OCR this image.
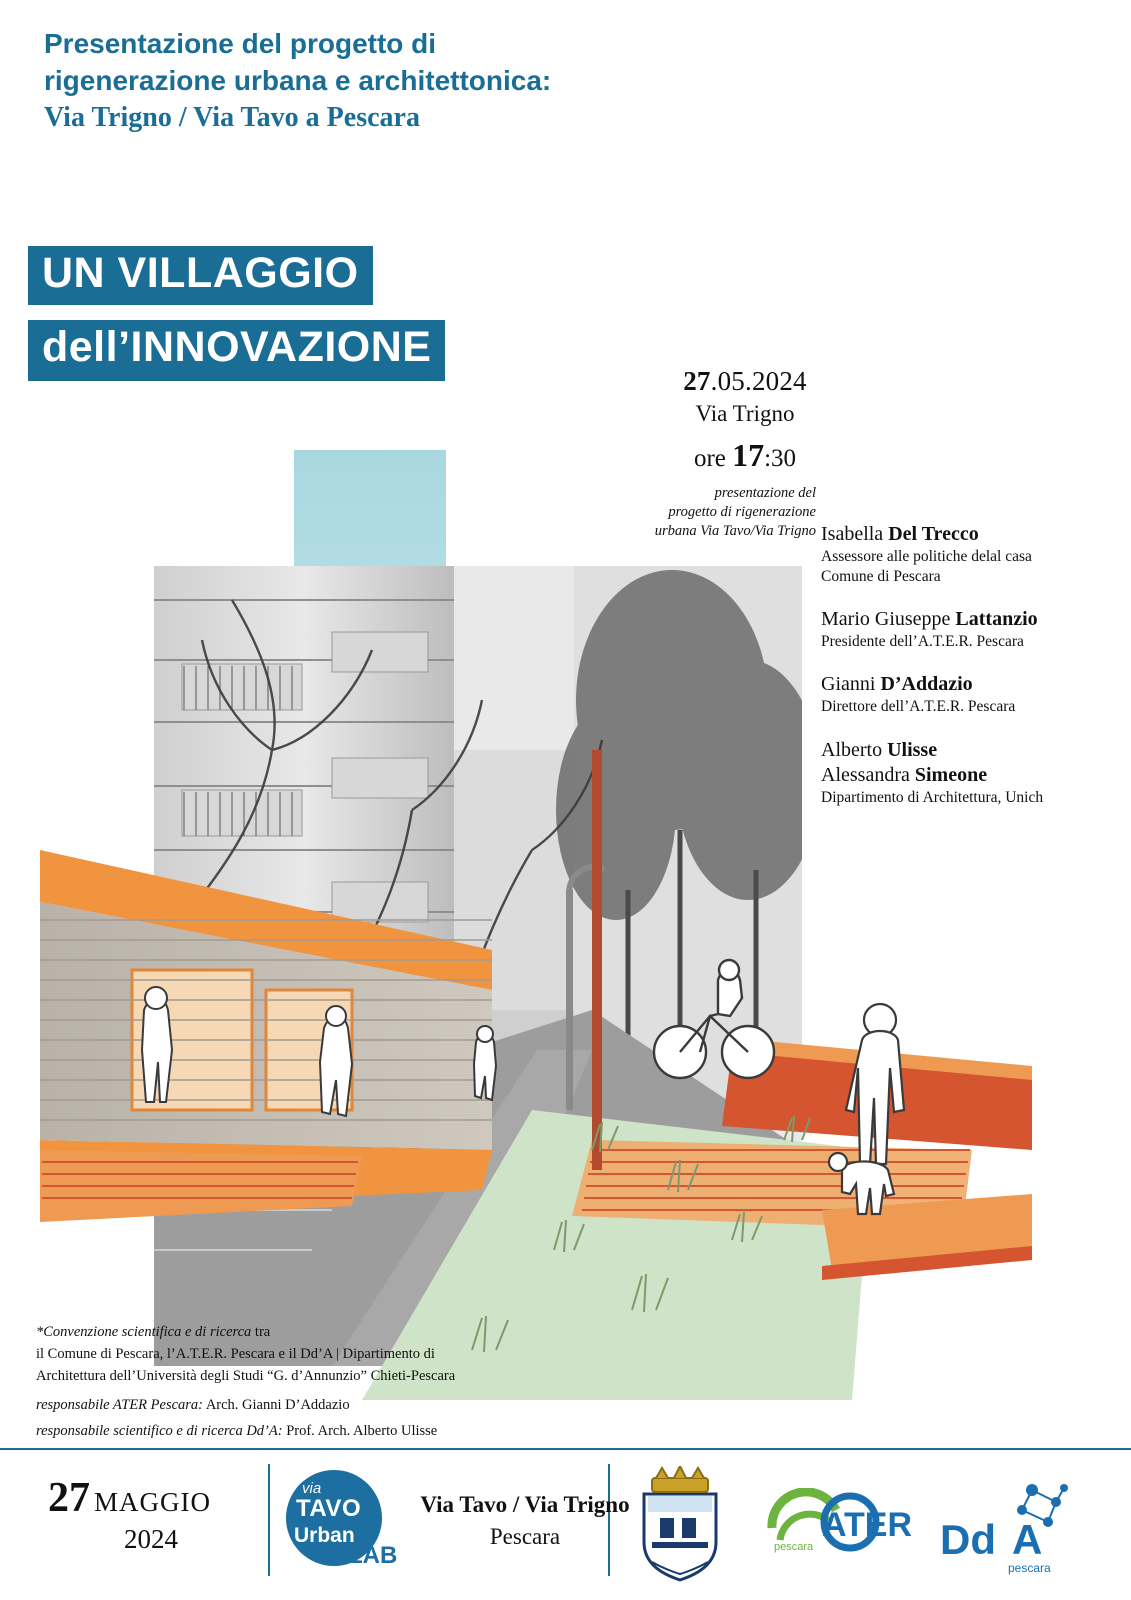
Presentazione del progetto di
rigenerazione urbana e architettonica:
Via Trigno / Via Tavo a Pescara
UN VILLAGGIO
dell’INNOVAZIONE
27.05.2024
Via Trigno
ore 17:30
presentazione del
progetto di rigenerazione
urbana Via Tavo/Via Trigno Isabella Del Trecco
Assessore alle politiche delal casa
Comune di Pescara
Mario Giuseppe Lattanzio
Presidente dell’A.T.E.R. Pescara
Gianni D’Addazio
Direttore dell’A.T.E.R. Pescara
Alberto Ulisse
Alessandra Simeone
Dipartimento di Architettura, Unich
*Convenzione scientifica e di ricerca tra
il Comune di Pescara, l’A.T.E.R. Pescara e il Dd’A | Dipartimento di
Architettura dell’Università degli Studi “G. d’Annunzio” Chieti-Pescara
responsabile ATER Pescara: Arch. Gianni D’Addazio
responsabile scientifico e di ricerca Dd’A: Prof. Arch. Alberto Ulisse
27 MAGGIO
2024
via
TAVO
Urban
LAB
Via Tavo / Via Trigno
Pescara	pescara
ATER Dd A
pescara
